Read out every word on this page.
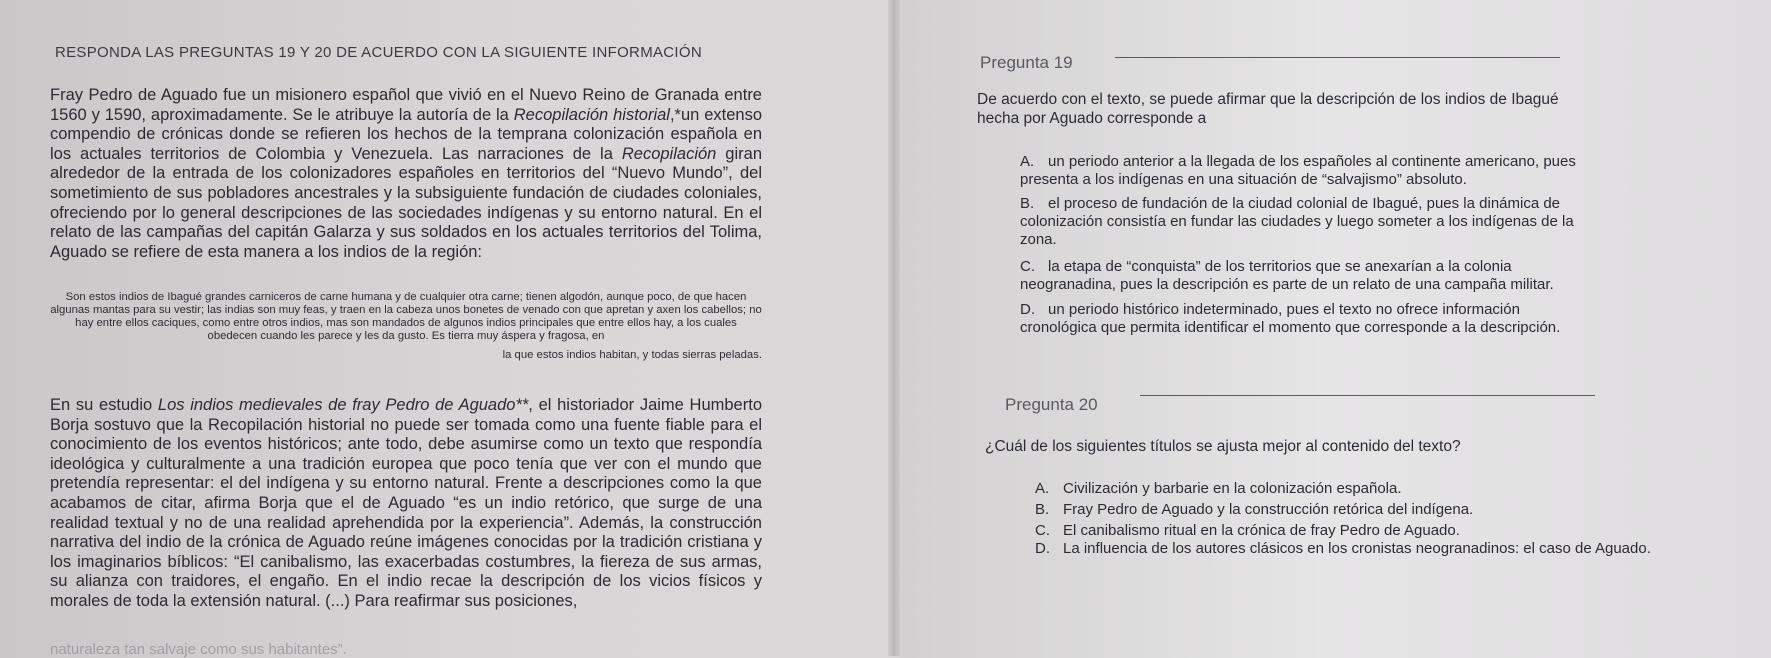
RESPONDA LAS PREGUNTAS 19 Y 20 DE ACUERDO CON LA SIGUIENTE INFORMACIÓN
Fray Pedro de Aguado fue un misionero español que vivió en el Nuevo Reino de Granada entre 1560 y 1590, aproximadamente. Se le atribuye la autoría de la Recopilación historial,*un extenso compendio de crónicas donde se refieren los hechos de la temprana colonización española en los actuales territorios de Colombia y Venezuela. Las narraciones de la Recopilación giran alrededor de la entrada de los colonizadores españoles en territorios del “Nuevo Mundo”, del sometimiento de sus pobladores ancestrales y la subsiguiente fundación de ciudades coloniales, ofreciendo por lo general descripciones de las sociedades indígenas y su entorno natural. En el relato de las campañas del capitán Galarza y sus soldados en los actuales territorios del Tolima, Aguado se refiere de esta manera a los indios de la región:
Son estos indios de Ibagué grandes carniceros de carne humana y de cualquier otra carne; tienen algodón, aunque poco, de que hacen algunas mantas para su vestir; las indias son muy feas, y traen en la cabeza unos bonetes de venado con que apretan y axen los cabellos; no hay entre ellos caciques, como entre otros indios, mas son mandados de algunos indios principales que entre ellos hay, a los cuales obedecen cuando les parece y les da gusto. Es tierra muy áspera y fragosa, en
la que estos indios habitan, y todas sierras peladas.
En su estudio Los indios medievales de fray Pedro de Aguado**, el historiador Jaime Humberto Borja sostuvo que la Recopilación historial no puede ser tomada como una fuente fiable para el conocimiento de los eventos históricos; ante todo, debe asumirse como un texto que respondía ideológica y culturalmente a una tradición europea que poco tenía que ver con el mundo que pretendía representar: el del indígena y su entorno natural. Frente a descripciones como la que acabamos de citar, afirma Borja que el de Aguado “es un indio retórico, que surge de una realidad textual y no de una realidad aprehendida por la experiencia”. Además, la construcción narrativa del indio de la crónica de Aguado reúne imágenes conocidas por la tradición cristiana y los imaginarios bíblicos: “El canibalismo, las exacerbadas costumbres, la fiereza de sus armas, su alianza con traidores, el engaño. En el indio recae la descripción de los vicios físicos y morales de toda la extensión natural. (...) Para reafirmar sus posiciones,
naturaleza tan salvaje como sus habitantes”.
Pregunta 19
De acuerdo con el texto, se puede afirmar que la descripción de los indios de Ibagué hecha por Aguado corresponde a
A. un periodo anterior a la llegada de los españoles al continente americano, pues presenta a los indígenas en una situación de “salvajismo” absoluto.
B. el proceso de fundación de la ciudad colonial de Ibagué, pues la dinámica de colonización consistía en fundar las ciudades y luego someter a los indígenas de la zona.
C. la etapa de “conquista” de los territorios que se anexarían a la colonia neogranadina, pues la descripción es parte de un relato de una campaña militar.
D. un periodo histórico indeterminado, pues el texto no ofrece información cronológica que permita identificar el momento que corresponde a la descripción.
Pregunta 20
¿Cuál de los siguientes títulos se ajusta mejor al contenido del texto?
A. Civilización y barbarie en la colonización española.
B. Fray Pedro de Aguado y la construcción retórica del indígena.
C. El canibalismo ritual en la crónica de fray Pedro de Aguado.
D. La influencia de los autores clásicos en los cronistas neogranadinos: el caso de Aguado.
